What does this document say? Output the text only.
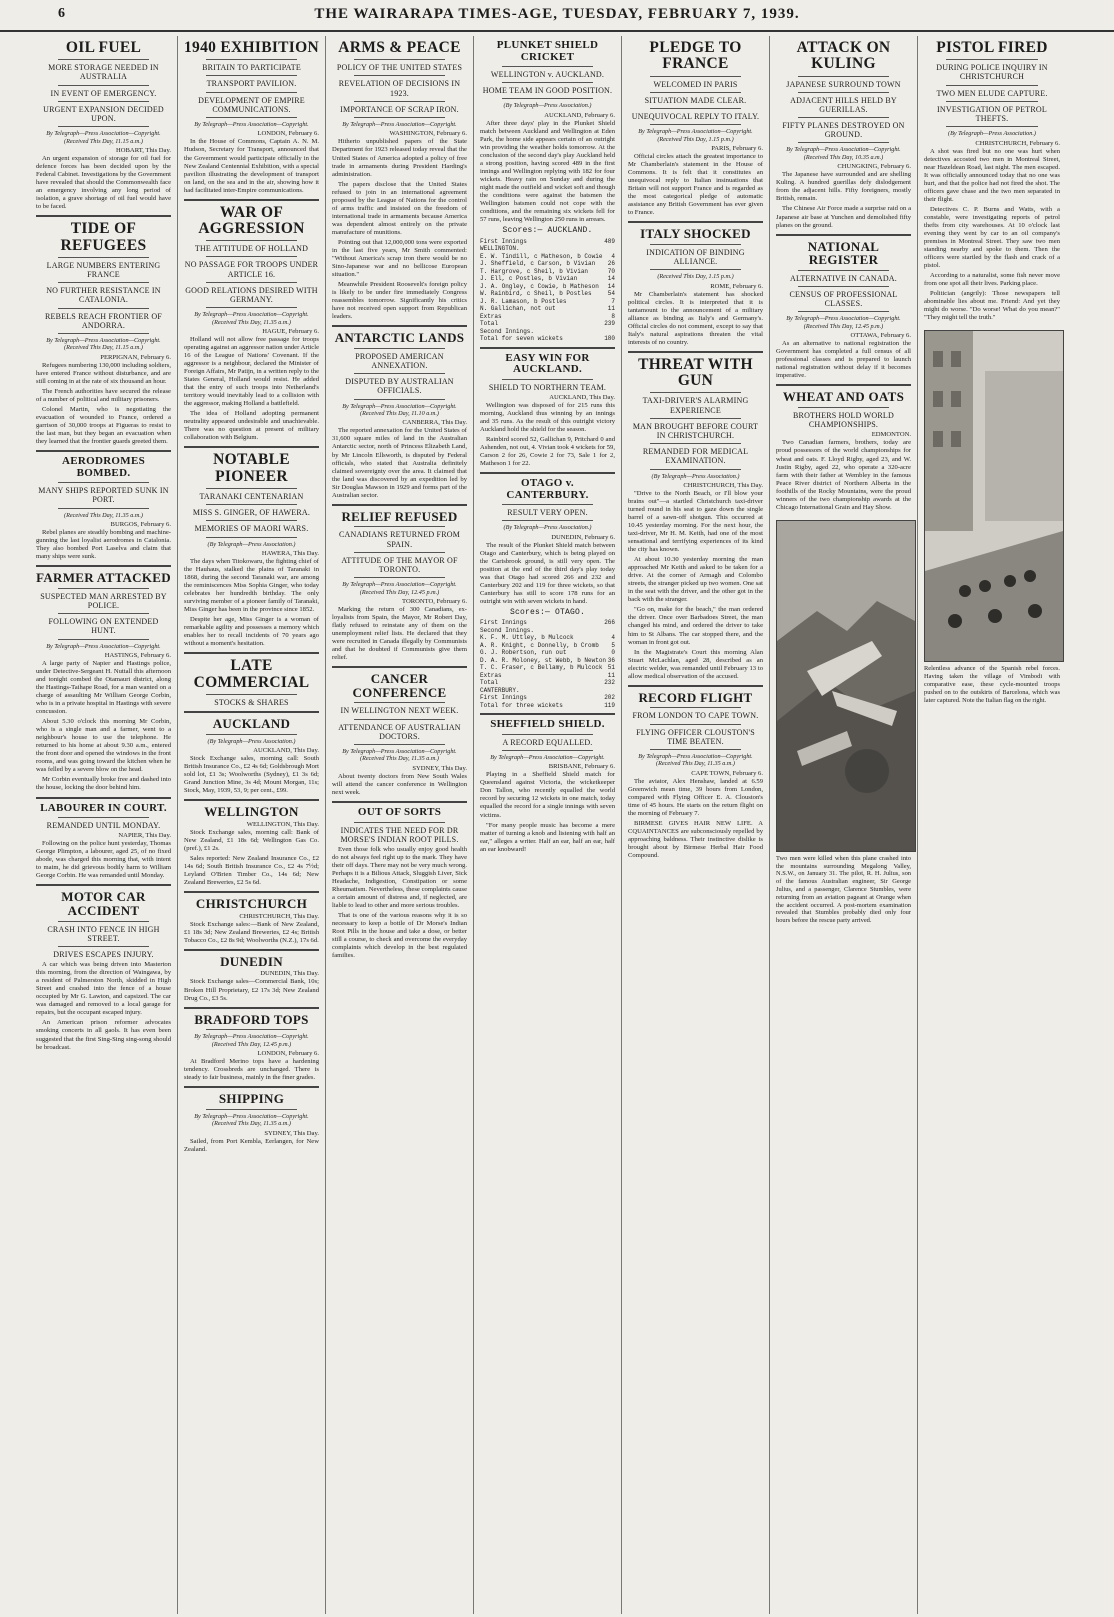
6	THE WAIRARAPA TIMES-AGE, TUESDAY, FEBRUARY 7, 1939.
OIL FUEL
MORE STORAGE NEEDED IN AUSTRALIA
IN EVENT OF EMERGENCY.
URGENT EXPANSION DECIDED UPON.
By Telegraph—Press Association—Copyright. (Received This Day, 11.15 a.m.)
HOBART, This Day.

An urgent expansion of storage for oil fuel for defence forces has been decided upon by the Federal Cabinet. Investigations by the Government have revealed that should the Commonwealth face an emergency involving any long period of isolation, a grave shortage of oil fuel would have to be faced.

TIDE OF REFUGEES
LARGE NUMBERS ENTERING FRANCE
NO FURTHER RESISTANCE IN CATALONIA.
REBELS REACH FRONTIER OF ANDORRA.
By Telegraph—Press Association—Copyright. (Received This Day, 11.15 a.m.)
PERPIGNAN, February 6.

Refugees numbering 130,000 including soldiers, have entered France without disturbance, and are still coming in at the rate of six thousand an hour.

The French authorities have secured the release of a number of political and military prisoners.

Colonel Martin, who is negotiating the evacuation of wounded to France, ordered a garrison of 30,000 troops at Figueras to resist to the last man, but they began an evacuation when they learned that the frontier guards greeted them.

AERODROMES BOMBED.
MANY SHIPS REPORTED SUNK IN PORT.
(Received This Day, 11.35 a.m.)
BURGOS, February 6.

Rebel planes are steadily bombing and machine-gunning the last loyalist aerodromes in Catalonia. They also bombed Port Laselva and claim that many ships were sunk.

FARMER ATTACKED
SUSPECTED MAN ARRESTED BY POLICE.
FOLLOWING ON EXTENDED HUNT.
By Telegraph—Press Association—Copyright.
HASTINGS, February 6.

A large party of Napier and Hastings police, under Detective-Sergeant H. Nuttall this afternoon and tonight combed the Otamauri district, along the Hastings-Taihape Road, for a man wanted on a charge of assaulting Mr William George Corbin, who is in a private hospital in Hastings with severe concussion.

About 5.30 o'clock this morning Mr Corbin, who is a single man and a farmer, went to a neighbour's house to use the telephone. He returned to his home at about 9.30 a.m., entered the front door and opened the windows in the front rooms, and was going toward the kitchen when he was felled by a severe blow on the head.

Mr Corbin eventually broke free and dashed into the house, locking the door behind him.

LABOURER IN COURT.
REMANDED UNTIL MONDAY.
NAPIER, This Day.

Following on the police hunt yesterday, Thomas George Plimpton, a labourer, aged 25, of no fixed abode, was charged this morning that, with intent to maim, he did grievous bodily harm to William George Corbin. He was remanded until Monday.

MOTOR CAR ACCIDENT
CRASH INTO FENCE IN HIGH STREET.
DRIVES ESCAPES INJURY.

A car which was being driven into Masterton this morning, from the direction of Waingawa, by a resident of Palmerston North, skidded in High Street and crashed into the fence of a house occupied by Mr G. Lawton, and capsized. The car was damaged and removed to a local garage for repairs, but the occupant escaped injury.

An American prison reformer advocates smoking concerts in all gaols. It has even been suggested that the first Sing-Sing sing-song should be broadcast.

1940 EXHIBITION
BRITAIN TO PARTICIPATE
TRANSPORT PAVILION.
DEVELOPMENT OF EMPIRE COMMUNICATIONS.
By Telegraph—Press Association—Copyright.
LONDON, February 6.

In the House of Commons, Captain A. N. M. Hudson, Secretary for Transport, announced that the Government would participate officially in the New Zealand Centennial Exhibition, with a special pavilion illustrating the development of transport on land, on the sea and in the air, showing how it had facilitated inter-Empire communications.

WAR OF AGGRESSION
THE ATTITUDE OF HOLLAND
NO PASSAGE FOR TROOPS UNDER ARTICLE 16.
GOOD RELATIONS DESIRED WITH GERMANY.
By Telegraph—Press Association—Copyright. (Received This Day, 11.35 a.m.)
HAGUE, February 6.

Holland will not allow free passage for troops operating against an aggressor nation under Article 16 of the League of Nations' Covenant. If the aggressor is a neighbour, declared the Minister of Foreign Affairs, Mr Patijn, in a written reply to the States General, Holland would resist. He added that the entry of such troops into Netherland's territory would inevitably lead to a collision with the aggressor, making Holland a battlefield.

The idea of Holland adopting permanent neutrality appeared undesirable and unachievable. There was no question at present of military collaboration with Belgium.

NOTABLE PIONEER
TARANAKI CENTENARIAN
MISS S. GINGER, OF HAWERA.
MEMORIES OF MAORI WARS.
(By Telegraph—Press Association.)
HAWERA, This Day.

The days when Titokowaru, the fighting chief of the Hauhaus, stalked the plains of Taranaki in 1868, during the second Taranaki war, are among the reminiscences Miss Sophia Ginger, who today celebrates her hundredth birthday. The only surviving member of a pioneer family of Taranaki, Miss Ginger has been in the province since 1852.

Despite her age, Miss Ginger is a woman of remarkable agility and possesses a memory which enables her to recall incidents of 70 years ago without a moment's hesitation.

LATE COMMERCIAL
STOCKS & SHARES
AUCKLAND
(By Telegraph—Press Association.)
AUCKLAND, This Day.

Stock Exchange sales, morning call: South British Insurance Co., £2 4s 6d; Goldsbrough Mort sold lot, £1 3s; Woolworths (Sydney), £1 3s 6d; Grand Junction Mine, 3s 4d; Mount Morgan, 11s; Stock, May, 1939, 53, 9; per cent., £99.

WELLINGTON
WELLINGTON, This Day.

Stock Exchange sales, morning call: Bank of New Zealand, £1 18s 6d; Wellington Gas Co. (pref.), £1 2s.

Sales reported: New Zealand Insurance Co., £2 14s 6d; South British Insurance Co., £2 4s 7½d; Leyland O'Brien Timber Co., 14s 6d; New Zealand Breweries, £2 5s 6d.

CHRISTCHURCH
CHRISTCHURCH, This Day.

Stock Exchange sales:—Bank of New Zealand, £1 18s 3d; New Zealand Breweries, £2 4s; British Tobacco Co., £2 8s 9d; Woolworths (N.Z.), 17s 6d.

DUNEDIN
DUNEDIN, This Day.

Stock Exchange sales—Commercial Bank, 10s; Broken Hill Proprietary, £2 17s 3d; New Zealand Drug Co., £3 5s.

BRADFORD TOPS
By Telegraph—Press Association—Copyright. (Received This Day, 12.45 p.m.)
LONDON, February 6.

At Bradford Merino tops have a hardening tendency. Crossbreds are unchanged. There is steady to fair business, mainly in the finer grades.

SHIPPING
By Telegraph—Press Association—Copyright. (Received This Day, 11.35 a.m.)
SYDNEY, This Day.

Sailed, from Port Kembla, Eerlangen, for New Zealand.

ARMS & PEACE
POLICY OF THE UNITED STATES
REVELATION OF DECISIONS IN 1923.
IMPORTANCE OF SCRAP IRON.
By Telegraph—Press Association—Copyright.
WASHINGTON, February 6.

Hitherto unpublished papers of the State Department for 1923 released today reveal that the United States of America adopted a policy of free trade in armaments during President Harding's administration.

The papers disclose that the United States refused to join in an international agreement proposed by the League of Nations for the control of arms traffic and insisted on the freedom of international trade in armaments because America was dependent almost entirely on the private manufacture of munitions.

Pointing out that 12,000,000 tons were exported in the last five years, Mr Smith commented: "Without America's scrap iron there would be no Sino-Japanese war and no bellicose European situation."

Meanwhile President Roosevelt's foreign policy is likely to be under fire immediately Congress reassembles tomorrow. Significantly his critics have not received open support from Republican leaders.

ANTARCTIC LANDS
PROPOSED AMERICAN ANNEXATION.
DISPUTED BY AUSTRALIAN OFFICIALS.
By Telegraph—Press Association—Copyright. (Received This Day, 11.10 a.m.)
CANBERRA, This Day.

The reported annexation for the United States of 31,600 square miles of land in the Australian Antarctic sector, north of Princess Elizabeth Land, by Mr Lincoln Ellsworth, is disputed by Federal officials, who stated that Australia definitely claimed sovereignty over the area. It claimed that the land was discovered by an expedition led by Sir Douglas Mawson in 1929 and forms part of the Australian sector.

RELIEF REFUSED
CANADIANS RETURNED FROM SPAIN.
ATTITUDE OF THE MAYOR OF TORONTO.
By Telegraph—Press Association—Copyright. (Received This Day, 12.45 p.m.)
TORONTO, February 6.

Marking the return of 300 Canadians, ex-loyalists from Spain, the Mayor, Mr Robert Day, flatly refused to reinstate any of them on the unemployment relief lists. He declared that they were recruited in Canada illegally by Communists and that he doubted if Communists give them relief.

CANCER CONFERENCE
IN WELLINGTON NEXT WEEK.
ATTENDANCE OF AUSTRALIAN DOCTORS.
By Telegraph—Press Association—Copyright. (Received This Day, 11.35 a.m.)
SYDNEY, This Day.

About twenty doctors from New South Wales will attend the cancer conference in Wellington next week.

OUT OF SORTS
INDICATES THE NEED FOR DR MORSE'S INDIAN ROOT PILLS.

Even those folk who usually enjoy good health do not always feel right up to the mark. They have their off days. There may not be very much wrong. Perhaps it is a Bilious Attack, Sluggish Liver, Sick Headache, Indigestion, Constipation or some Rheumatism. Nevertheless, these complaints cause a certain amount of distress and, if neglected, are liable to lead to other and more serious troubles.

That is one of the various reasons why it is so necessary to keep a bottle of Dr Morse's Indian Root Pills in the house and take a dose, or better still a course, to check and overcome the everyday complaints which develop in the best regulated families.

PLUNKET SHIELD CRICKET
WELLINGTON v. AUCKLAND.
HOME TEAM IN GOOD POSITION.
(By Telegraph—Press Association.)
AUCKLAND, February 6.

After three days' play in the Plunket Shield match between Auckland and Wellington at Eden Park, the home side appears certain of an outright win providing the weather holds tomorrow. At the conclusion of the second day's play Auckland held a strong position, having scored 489 in the first innings and Wellington replying with 182 for four wickets. Heavy rain on Sunday and during the night made the outfield and wicket soft and though the conditions were against the batsmen the Wellington batsmen could not cope with the conditions, and the remaining six wickets fell for 57 runs, leaving Wellington 250 runs in arrears.

Scores:— AUCKLAND.
First Innings	489
WELLINGTON.
E. W. Tindill, c Matheson, b Cowie 4
J. Sheffield, c Carson, b Vivian 26
T. Hargrove, c Sheil, b Vivian	70
J. Ell, c Postles, b Vivian	14
J. A. Ongley, c Cowie, b Matheson 14
W. Rainbird, c Sheil, b Postles	54
J. R. Lamason, b Postles	7
N. Gallichan, not out	11
Extras	8
Total	239
Second Innings.
Total for seven wickets	180
EASY WIN FOR AUCKLAND.
SHIELD TO NORTHERN TEAM.
AUCKLAND, This Day.

Wellington was disposed of for 215 runs this morning, Auckland thus winning by an innings and 35 runs. As the result of this outright victory Auckland hold the shield for the season.

Rainbird scored 52, Gallichan 9, Pritchard 0 and Ashenden, not out, 4. Vivian took 4 wickets for 59, Carson 2 for 26, Cowie 2 for 73, Sale 1 for 2, Matheson 1 for 22.

OTAGO v. CANTERBURY.
RESULT VERY OPEN.
(By Telegraph—Press Association.)
DUNEDIN, February 6.

The result of the Plunket Shield match between Otago and Canterbury, which is being played on the Carisbrook ground, is still very open. The position at the end of the third day's play today was that Otago had scored 266 and 232 and Canterbury 202 and 119 for three wickets, so that Canterbury has still to score 178 runs for an outright win with seven wickets in hand.

Scores:— OTAGO.
First Innings	266
Second Innings.
K. F. M. Uttley, b Mulcock	4
A. R. Knight, c Donnelly, b Cromb 5
G. J. Robertson, run out	0
D. A. R. Moloney, st Webb, b Newton 36
T. C. Fraser, c Bellamy, b Mulcock 51
Extras	11
Total	232
CANTERBURY.
First Innings	202
Total for three wickets	119
SHEFFIELD SHIELD.
A RECORD EQUALLED.
By Telegraph—Press Association—Copyright.
BRISBANE, February 6.

Playing in a Sheffield Shield match for Queensland against Victoria, the wicketkeeper Don Tallon, who recently equalled the world record by securing 12 wickets in one match, today equalled the record for a single innings with seven victims.

"For many people music has become a mere matter of turning a knob and listening with half an ear," alleges a writer. Half an ear, half an ear, half an ear knobward!

PLEDGE TO FRANCE
WELCOMED IN PARIS
SITUATION MADE CLEAR.
UNEQUIVOCAL REPLY TO ITALY.
By Telegraph—Press Association—Copyright. (Received This Day, 1.15 p.m.)
PARIS, February 6.

Official circles attach the greatest importance to Mr Chamberlain's statement in the House of Commons. It is felt that it constitutes an unequivocal reply to Italian insinuations that Britain will not support France and is regarded as the most categorical pledge of automatic assistance any British Government has ever given to France.

ITALY SHOCKED
INDICATION OF BINDING ALLIANCE.
(Received This Day, 1.15 p.m.)
ROME, February 6.

Mr Chamberlain's statement has shocked political circles. It is interpreted that it is tantamount to the announcement of a military alliance as binding as Italy's and Germany's. Official circles do not comment, except to say that Italy's natural aspirations threaten the vital interests of no country.

THREAT WITH GUN
TAXI-DRIVER'S ALARMING EXPERIENCE
MAN BROUGHT BEFORE COURT IN CHRISTCHURCH.
REMANDED FOR MEDICAL EXAMINATION.
(By Telegraph—Press Association.)
CHRISTCHURCH, This Day.

"Drive to the North Beach, or I'll blow your brains out"—a startled Christchurch taxi-driver turned round in his seat to gaze down the single barrel of a sawn-off shotgun. This occurred at 10.45 yesterday morning. For the next hour, the taxi-driver, Mr H. M. Keith, had one of the most sensational and terrifying experiences of its kind the city has known.

At about 10.30 yesterday morning the man approached Mr Keith and asked to be taken for a drive. At the corner of Armagh and Colombo streets, the stranger picked up two women. One sat in the seat with the driver, and the other got in the back with the stranger.

"Go on, make for the beach," the man ordered the driver. Once over Barbadoes Street, the man changed his mind, and ordered the driver to take him to St Albans. The car stopped there, and the woman in front got out.

In the Magistrate's Court this morning Alan Stuart McLachlan, aged 28, described as an electric welder, was remanded until February 13 to allow medical observation of the accused.

RECORD FLIGHT
FROM LONDON TO CAPE TOWN.
FLYING OFFICER CLOUSTON'S TIME BEATEN.
By Telegraph—Press Association—Copyright. (Received This Day, 11.35 a.m.)
CAPE TOWN, February 6.

The aviator, Alex Henshaw, landed at 6.59 Greenwich mean time, 39 hours from London, compared with Flying Officer E. A. Clouston's time of 45 hours. He starts on the return flight on the morning of February 7.

BIRMESE GIVES HAIR NEW LIFE. A CQUAINTANCES are subconsciously repelled by approaching baldness. Their instinctive dislike is brought about by Birmese Herbal Hair Food Compound.

ATTACK ON KULING
JAPANESE SURROUND TOWN
ADJACENT HILLS HELD BY GUERILLAS.
FIFTY PLANES DESTROYED ON GROUND.
By Telegraph—Press Association—Copyright. (Received This Day, 10.35 a.m.)
CHUNGKING, February 6.

The Japanese have surrounded and are shelling Kuling. A hundred guerillas defy dislodgement from the adjacent hills. Fifty foreigners, mostly British, remain.

The Chinese Air Force made a surprise raid on a Japanese air base at Yunchen and demolished fifty planes on the ground.

NATIONAL REGISTER
ALTERNATIVE IN CANADA.
CENSUS OF PROFESSIONAL CLASSES.
By Telegraph—Press Association—Copyright. (Received This Day, 12.45 p.m.)
OTTAWA, February 6.

As an alternative to national registration the Government has completed a full census of all professional classes and is prepared to launch national registration without delay if it becomes imperative.

WHEAT AND OATS
BROTHERS HOLD WORLD CHAMPIONSHIPS.
EDMONTON.

Two Canadian farmers, brothers, today are proud possessors of the world championships for wheat and oats. F. Lloyd Rigby, aged 23, and W. Justin Rigby, aged 22, who operate a 320-acre farm with their father at Wembley in the famous Peace River district of Northern Alberta in the foothills of the Rocky Mountains, were the proud winners of the two championship awards at the Chicago International Grain and Hay Show.

Two men were killed when this plane crashed into the mountains surrounding Megalong Valley, N.S.W., on January 31. The pilot, R. H. Julius, son of the famous Australian engineer, Sir George Julius, and a passenger, Clarence Stumbles, were returning from an aviation pageant at Orange when the accident occurred. A post-mortem examination revealed that Stumbles probably died only four hours before the rescue party arrived.
PISTOL FIRED
DURING POLICE INQUIRY IN CHRISTCHURCH
TWO MEN ELUDE CAPTURE.
INVESTIGATION OF PETROL THEFTS.
(By Telegraph—Press Association.)
CHRISTCHURCH, February 6.

A shot was fired but no one was hurt when detectives accosted two men in Montreal Street, near Hazeldean Road, last night. The men escaped. It was officially announced today that no one was hurt, and that the police had not fired the shot. The officers gave chase and the two men separated in their flight.

Detectives C. P. Burns and Watts, with a constable, were investigating reports of petrol thefts from city warehouses. At 10 o'clock last evening they went by car to an oil company's premises in Montreal Street. They saw two men standing nearby and spoke to them. Then the officers were startled by the flash and crack of a pistol.

According to a naturalist, some fish never move from one spot all their lives. Parking place.

Politician (angrily): Those newspapers tell abominable lies about me. Friend: And yet they might do worse. "Do worse! What do you mean?" "They might tell the truth."

Relentless advance of the Spanish rebel forces. Having taken the village of Vimbodi with comparative ease, these cycle-mounted troops pushed on to the outskirts of Barcelona, which was later captured. Note the Italian flag on the right.
